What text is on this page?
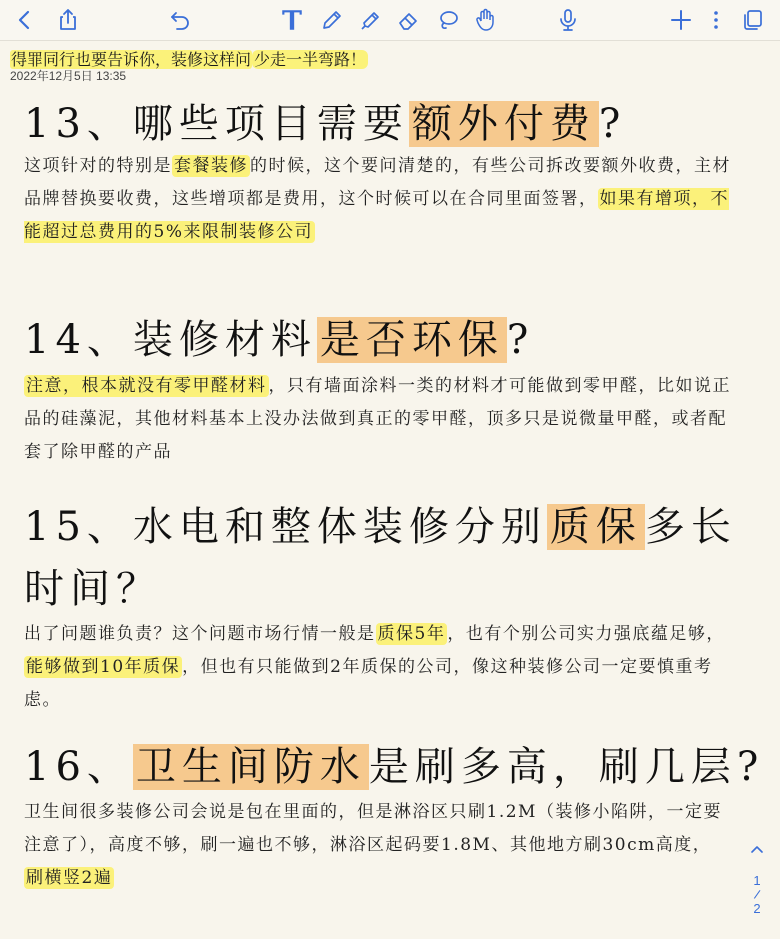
得罪同行也要告诉你，装修这样问 少走一半弯路！
2022年12月5日 13:35
13、哪些项目需要额外付费?
这项针对的特别是 套餐装修 的时候，这个要问清楚的，有些公司拆改要额外收费，主材品牌替换要收费，这些增项都是费用，这个时候可以在合同里面签署， 如果有增项，不能超过总费用的5%来限制装修公司
14、装修材料是否环保?
注意，根本就没有零甲醛材料 ，只有墙面涂料一类的材料才可能做到零甲醛，比如说正品的硅藻泥，其他材料基本上没办法做到真正的零甲醛，顶多只是说微量甲醛，或者配套了除甲醛的产品
15、水电和整体装修分别质保多长
时间？
出了问题谁负责？这个问题市场行情一般是 质保5年 ，也有个别公司实力强底蕴足够，能够做到10年质保 ，但也有只能做到2年质保的公司，像这种装修公司一定要慎重考虑。
16、卫生间防水是刷多高，刷几层?
卫生间很多装修公司会说是包在里面的，但是淋浴区只刷1.2M（装修小陷阱，一定要注意了），高度不够，刷一遍也不够，淋浴区起码要1.8M、其他地方刷30cm高度，刷横竖2遍	1
/
2
